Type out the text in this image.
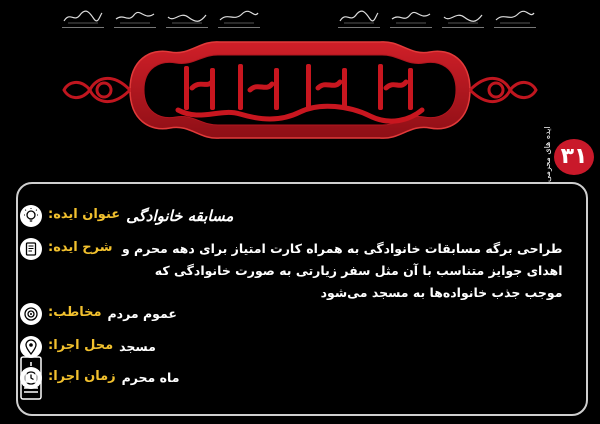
۳۱
ایده های محرمی
عنوان ایده: مسابقه خانوادگی
شرح ایده: طراحی برگه مسابقات خانوادگی به همراه کارت امتیاز برای دهه محرم و اهدای جوایز متناسب با آن مثل سفر زیارتی به صورت خانوادگی که موجب جذب خانواده‌ها به مسجد می‌شود
مخاطب: عموم مردم
محل اجرا: مسجد
زمان اجرا: ماه محرم
